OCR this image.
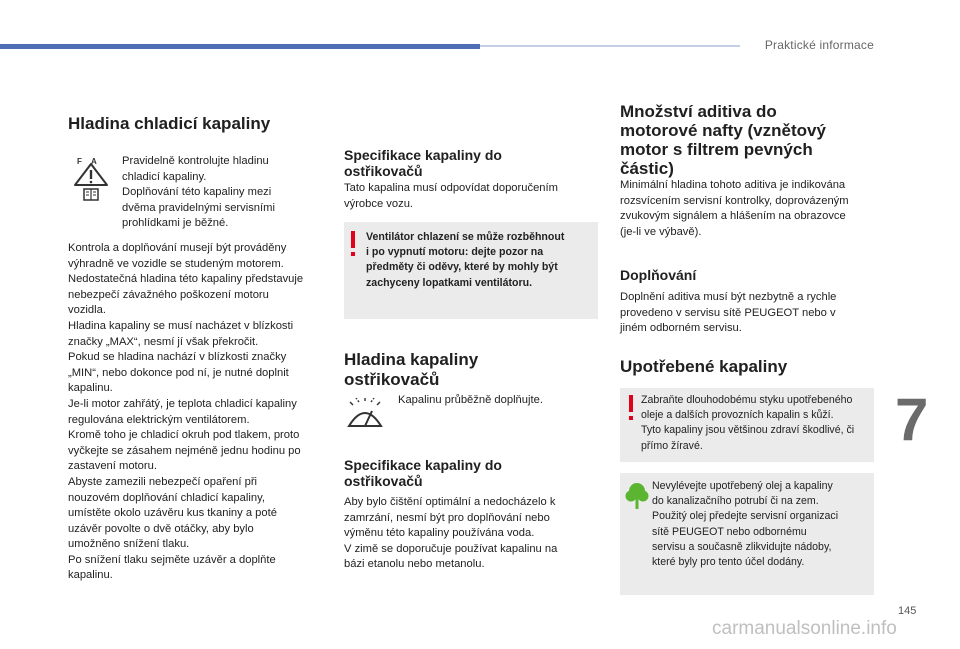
Praktické informace
7
Hladina chladicí kapaliny
F A Pravidelně kontrolujte hladinu

chladicí kapaliny.

Doplňování této kapaliny mezi

dvěma pravidelnými servisními

prohlídkami je běžné.

Kontrola a doplňování musejí být prováděny

výhradně ve vozidle se studeným motorem.

Nedostatečná hladina této kapaliny představuje

nebezpečí závažného poškození motoru

vozidla.

Hladina kapaliny se musí nacházet v blízkosti

značky „MAX“, nesmí jí však překročit.

Pokud se hladina nachází v blízkosti značky

„MIN“, nebo dokonce pod ní, je nutné doplnit

kapalinu.

Je-li motor zahřátý, je teplota chladicí kapaliny

regulována elektrickým ventilátorem.

Kromě toho je chladicí okruh pod tlakem, proto

vyčkejte se zásahem nejméně jednu hodinu po

zastavení motoru.

Abyste zamezili nebezpečí opaření při

nouzovém doplňování chladicí kapaliny,

umístěte okolo uzávěru kus tkaniny a poté

uzávěr povolte o dvě otáčky, aby bylo

umožněno snížení tlaku.

Po snížení tlaku sejměte uzávěr a doplňte

kapalinu.

Specifikace kapaliny do
ostřikovačů

Tato kapalina musí odpovídat doporučením

výrobce vozu.

Ventilátor chlazení se může rozběhnout

i po vypnutí motoru: dejte pozor na

předměty či oděvy, které by mohly být

zachyceny lopatkami ventilátoru.

Hladina kapaliny
ostřikovačů
Kapalinu průběžně doplňujte.
Specifikace kapaliny do
ostřikovačů

Aby bylo čištění optimální a nedocházelo k

zamrzání, nesmí být pro doplňování nebo

výměnu této kapaliny používána voda.

V zimě se doporučuje používat kapalinu na

bázi etanolu nebo metanolu.

Množství aditiva do
motorové nafty (vznětový
motor s filtrem pevných
částic)

Minimální hladina tohoto aditiva je indikována

rozsvícením servisní kontrolky, doprovázeným

zvukovým signálem a hlášením na obrazovce

(je-li ve výbavě).

Doplňování

Doplnění aditiva musí být nezbytně a rychle

provedeno v servisu sítě PEUGEOT nebo v

jiném odborném servisu.

Upotřebené kapaliny

Zabraňte dlouhodobému styku upotřebeného

oleje a dalších provozních kapalin s kůží.

Tyto kapaliny jsou většinou zdraví škodlivé, či

přímo žíravé.

Nevylévejte upotřebený olej a kapaliny

do kanalizačního potrubí či na zem.

Použitý olej předejte servisní organizaci

sítě PEUGEOT nebo odbornému

servisu a současně zlikvidujte nádoby,

které byly pro tento účel dodány.

145
carmanualsonline.info
